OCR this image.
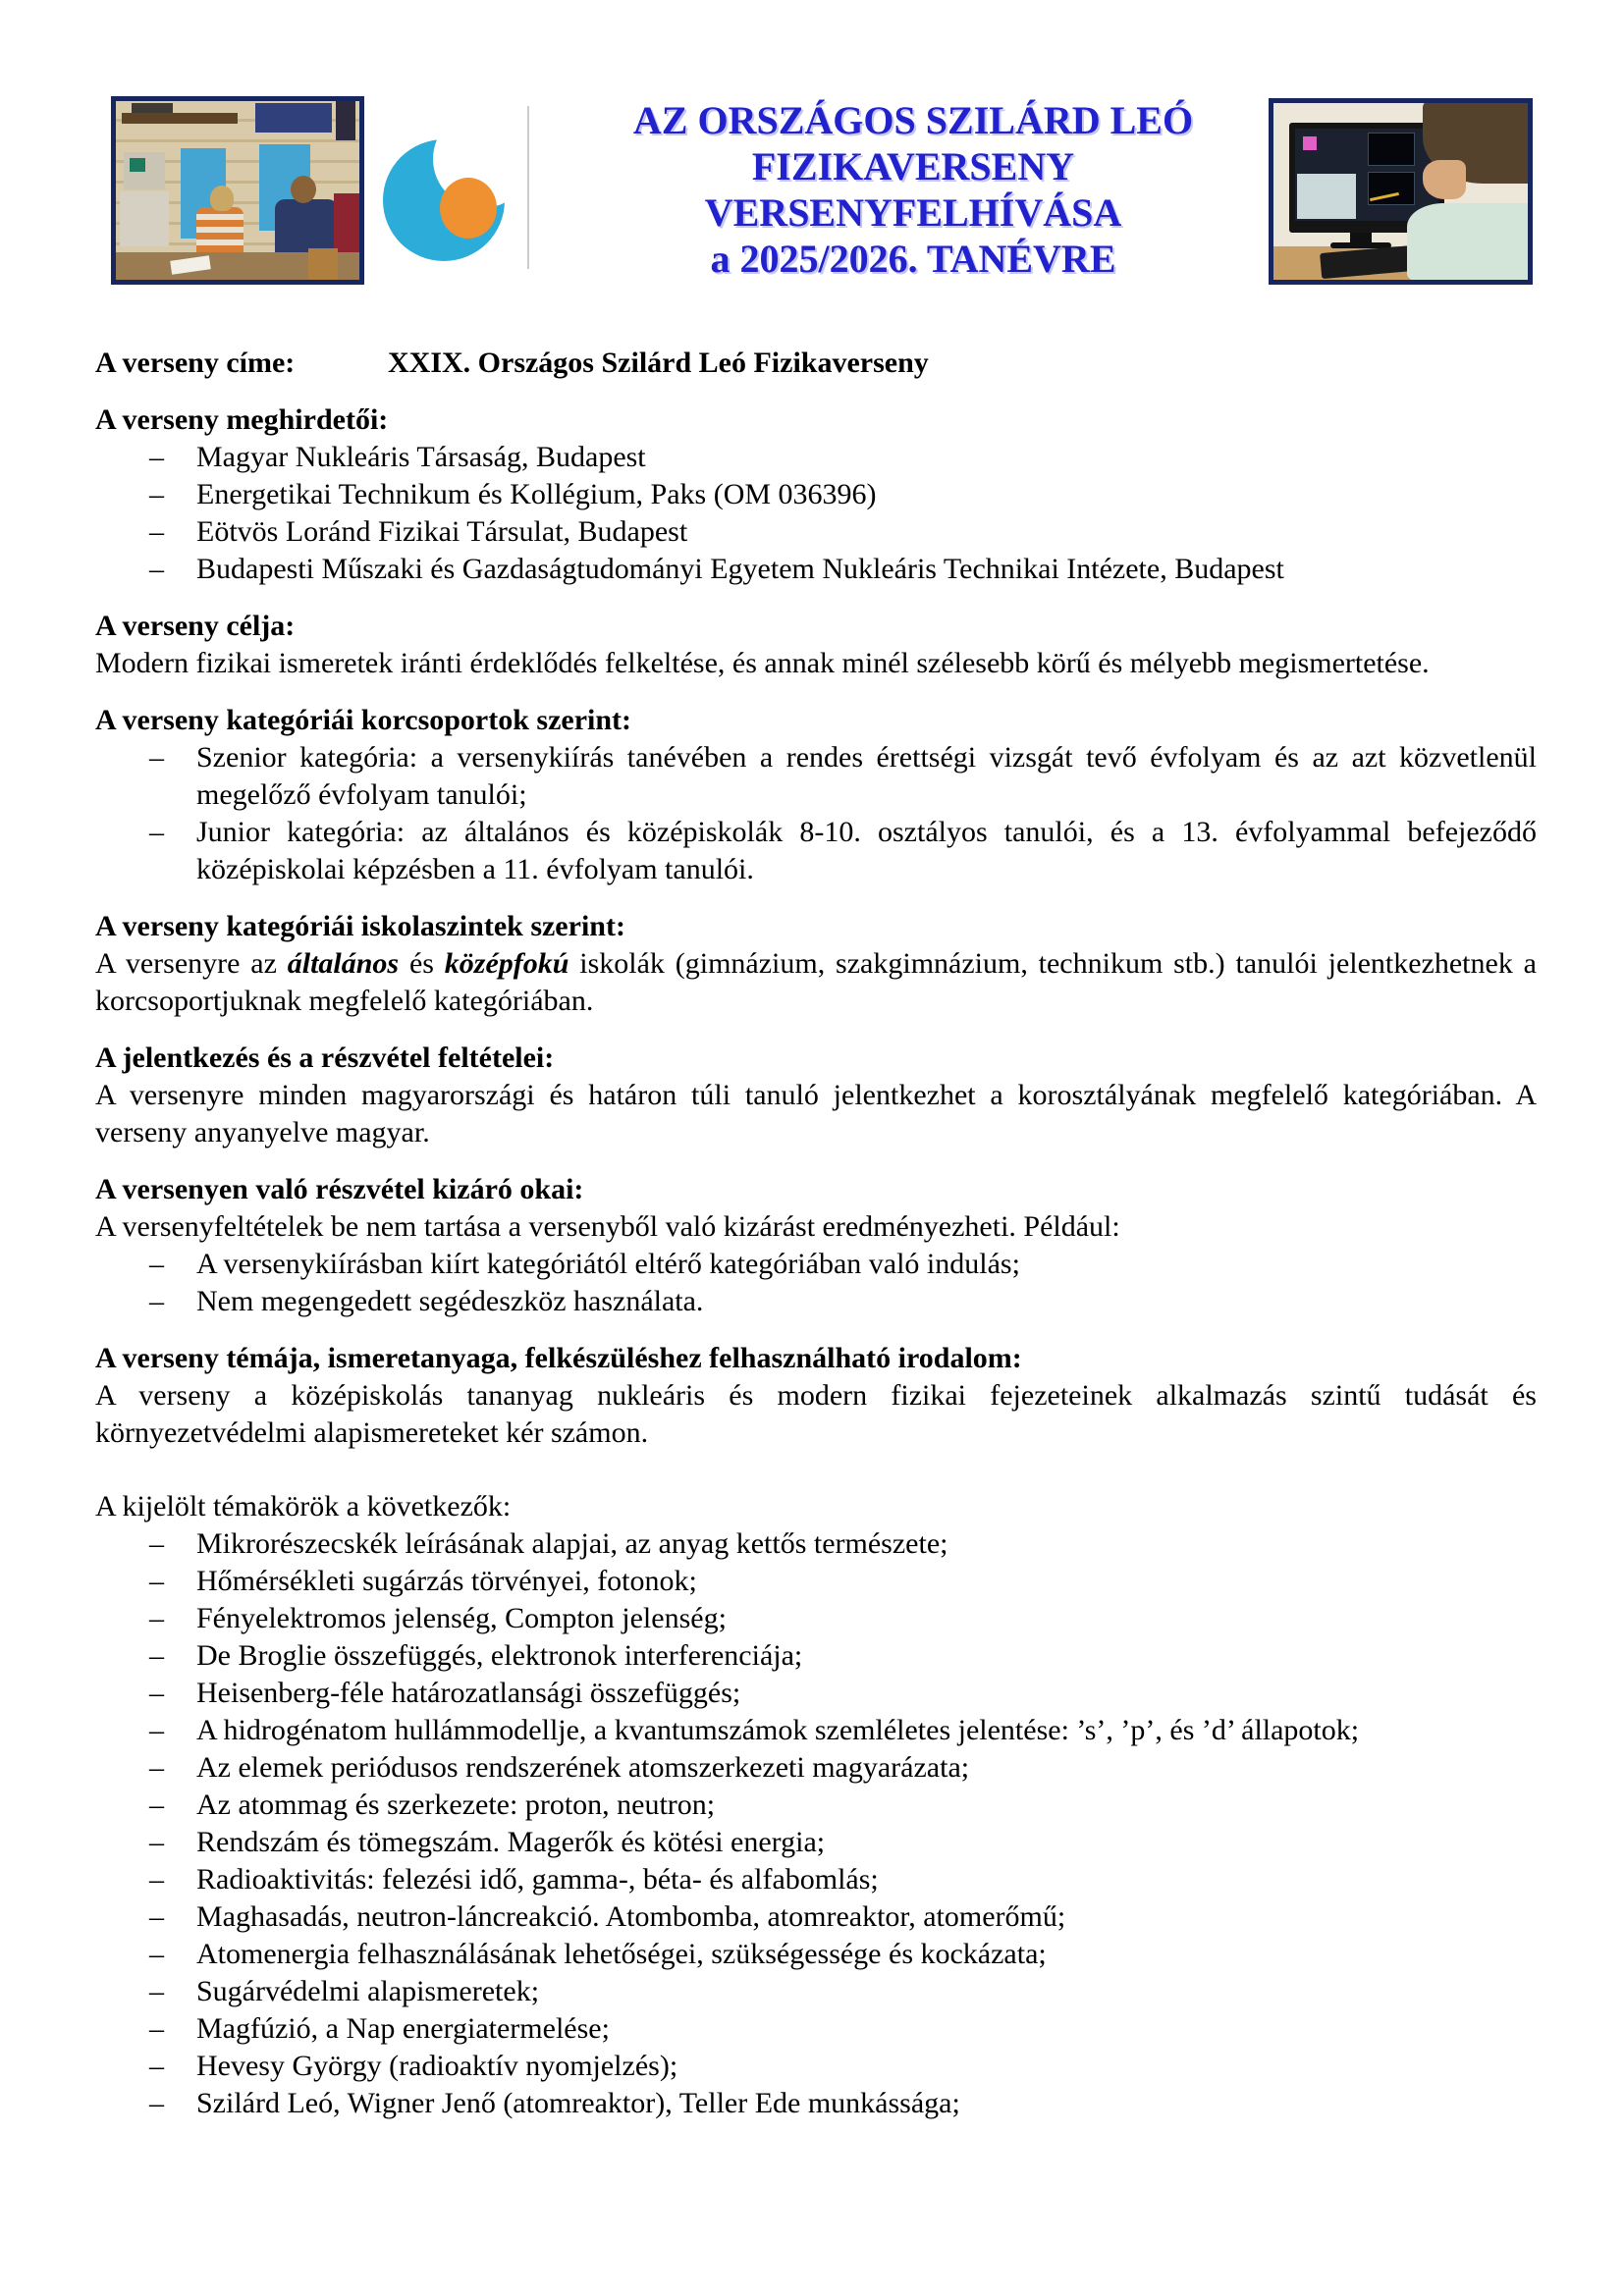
AZ ORSZÁGOS SZILÁRD LEÓ
FIZIKAVERSENY
VERSENYFELHÍVÁSA
a 2025/2026. TANÉVRE

A verseny címe:	XXIX. Országos Szilárd Leó Fizikaverseny

A verseny meghirdetői:

– Magyar Nukleáris Társaság, Budapest
– Energetikai Technikum és Kollégium, Paks (OM 036396)
– Eötvös Loránd Fizikai Társulat, Budapest
– Budapesti Műszaki és Gazdaságtudományi Egyetem Nukleáris Technikai Intézete, Budapest

A verseny célja:

Modern fizikai ismeretek iránti érdeklődés felkeltése, és annak minél szélesebb körű és mélyebb megismertetése.

A verseny kategóriái korcsoportok szerint:

– Szenior kategória: a versenykiírás tanévében a rendes érettségi vizsgát tevő évfolyam és az azt közvetlenül megelőző évfolyam tanulói;
– Junior kategória: az általános és középiskolák 8-10. osztályos tanulói, és a 13. évfolyammal befejeződő középiskolai képzésben a 11. évfolyam tanulói.

A verseny kategóriái iskolaszintek szerint:

A versenyre az általános és középfokú iskolák (gimnázium, szakgimnázium, technikum stb.) tanulói jelentkezhetnek a korcsoportjuknak megfelelő kategóriában.

A jelentkezés és a részvétel feltételei:

A versenyre minden magyarországi és határon túli tanuló jelentkezhet a korosztályának megfelelő kategóriában. A verseny anyanyelve magyar.

A versenyen való részvétel kizáró okai:

A versenyfeltételek be nem tartása a versenyből való kizárást eredményezheti. Például:

– A versenykiírásban kiírt kategóriától eltérő kategóriában való indulás;
– Nem megengedett segédeszköz használata.

A verseny témája, ismeretanyaga, felkészüléshez felhasználható irodalom:

A verseny a középiskolás tananyag nukleáris és modern fizikai fejezeteinek alkalmazás szintű tudását és környezetvédelmi alapismereteket kér számon.

A kijelölt témakörök a következők:

– Mikrorészecskék leírásának alapjai, az anyag kettős természete;
– Hőmérsékleti sugárzás törvényei, fotonok;
– Fényelektromos jelenség, Compton jelenség;
– De Broglie összefüggés, elektronok interferenciája;
– Heisenberg-féle határozatlansági összefüggés;
– A hidrogénatom hullámmodellje, a kvantumszámok szemléletes jelentése: ’s’, ’p’, és ’d’ állapotok;
– Az elemek periódusos rendszerének atomszerkezeti magyarázata;
– Az atommag és szerkezete: proton, neutron;
– Rendszám és tömegszám. Magerők és kötési energia;
– Radioaktivitás: felezési idő, gamma-, béta- és alfabomlás;
– Maghasadás, neutron-láncreakció. Atombomba, atomreaktor, atomerőmű;
– Atomenergia felhasználásának lehetőségei, szükségessége és kockázata;
– Sugárvédelmi alapismeretek;
– Magfúzió, a Nap energiatermelése;
– Hevesy György (radioaktív nyomjelzés);
– Szilárd Leó, Wigner Jenő (atomreaktor), Teller Ede munkássága;
